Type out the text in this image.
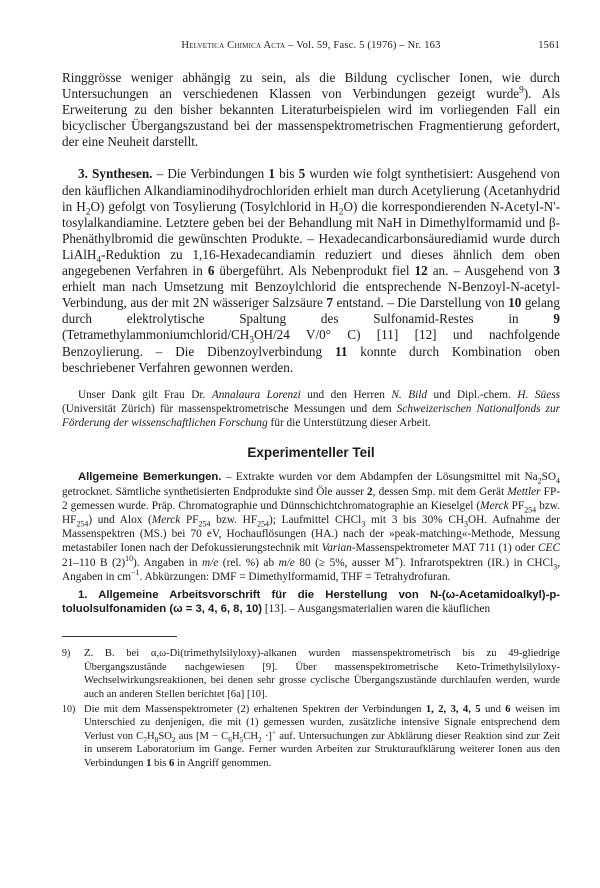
Helvetica Chimica Acta – Vol. 59, Fasc. 5 (1976) – Nr. 163	1561

Ringgrösse weniger abhängig zu sein, als die Bildung cyclischer Ionen, wie durch Untersuchungen an verschiedenen Klassen von Verbindungen gezeigt wurde$^9$). Als Erweiterung zu den bisher bekannten Literaturbeispielen wird im vorliegenden Fall ein bicyclischer Übergangszustand bei der massenspektrometrischen Fragmentierung gefordert, der eine Neuheit darstellt.

3. Synthesen. – Die Verbindungen 1 bis 5 wurden wie folgt synthetisiert: Ausgehend von den käuflichen Alkandiaminodihydrochloriden erhielt man durch Acetylierung (Acetanhydrid in $H_2O$) gefolgt von Tosylierung (Tosylchlorid in $H_2O$) die korrespondierenden N-Acetyl-N'-tosylalkandiamine. Letztere geben bei der Behandlung mit NaH in Dimethylformamid und β-Phenäthylbromid die gewünschten Produkte. – Hexadecandicarbonsäurediamid wurde durch LiAlH$_4$-Reduktion zu 1,16-Hexadecandiamin reduziert und dieses ähnlich dem oben angegebenen Verfahren in 6 übergeführt. Als Nebenprodukt fiel 12 an. – Ausgehend von 3 erhielt man nach Umsetzung mit Benzoylchlorid die entsprechende N-Benzoyl-N-acetyl-Verbindung, aus der mit 2N wässeriger Salzsäure 7 entstand. – Die Darstellung von 10 gelang durch elektrolytische Spaltung des Sulfonamid-Restes in 9 ($Tetramethylammoniumchlorid/CH_3OH/24$ V/0° C) [11] [12] und nachfolgende Benzoylierung. – Die Dibenzoylverbindung 11 konnte durch Kombination oben beschriebener Verfahren gewonnen werden.

Unser Dank gilt Frau Dr. Annalaura Lorenzi und den Herren N. Bild und Dipl.-chem. H. Süess (Universität Zürich) für massenspektrometrische Messungen und dem Schweizerischen Nationalfonds zur Förderung der wissenschaftlichen Forschung für die Unterstützung dieser Arbeit.

Experimenteller Teil

Allgemeine Bemerkungen. – Extrakte wurden vor dem Abdampfen der Lösungsmittel mit $Na_2SO_4$ getrocknet. Sämtliche synthetisierten Endprodukte sind Öle ausser 2, dessen Smp. mit dem Gerät Mettler FP-2 gemessen wurde. Präp. Chromatographie und Dünnschichtchromatographie an Kieselgel (Merck $PF_{254}$ bzw. $HF_{254}$) und Alox (Merck $PF_{254}$ bzw. $HF_{254}$); Laufmittel CHCl$_3$ mit 3 bis 30% $CH_3OH$. Aufnahme der Massenspektren (MS.) bei 70 eV, Hochauflösungen (HA.) nach der »peak-matching«-Methode, Messung metastabiler Ionen nach der Defokussierungstechnik mit Varian-Massenspektrometer MAT 711 (1) oder CEC 21–110 B $(2)^{10}$). Angaben in m/e (rel. %) ab m/e 80 (≥ 5%, ausser M+). Infrarotspektren (IR.) in CHCl$_3$, Angaben in $cm^{-1}$. Abkürzungen: DMF = Dimethylformamid, THF = Tetrahydrofuran.

1. Allgemeine Arbeitsvorschrift für die Herstellung von N-(ω-Acetamidoalkyl)-p-toluolsulfonamiden (ω = 3, 4, 6, 8, 10) [13]. – Ausgangsmaterialien waren die käuflichen

9) Z. B. bei α,ω-Di(trimethylsilyloxy)-alkanen wurden massenspektrometrisch bis zu 49-gliedrige Übergangszustände nachgewiesen [9]. Über massenspektrometrische Keto-Trimethylsilyloxy-Wechselwirkungsreaktionen, bei denen sehr grosse cyclische Übergangszustände durchlaufen werden, wurde auch an anderen Stellen berichtet [6a] [10].

10) Die mit dem Massenspektrometer (2) erhaltenen Spektren der Verbindungen 1, 2, 3, 4, 5 und 6 weisen im Unterschied zu denjenigen, die mit (1) gemessen wurden, zusätzliche intensive Signale entsprechend dem Verlust von $C_7H_8SO_2$ aus $[M - C_6H_5CH_2 \cdot]^+$ auf. Untersuchungen zur Abklärung dieser Reaktion sind zur Zeit in unserem Laboratorium im Gange. Ferner wurden Arbeiten zur Strukturaufklärung weiterer Ionen aus den Verbindungen 1 bis 6 in Angriff genommen.
